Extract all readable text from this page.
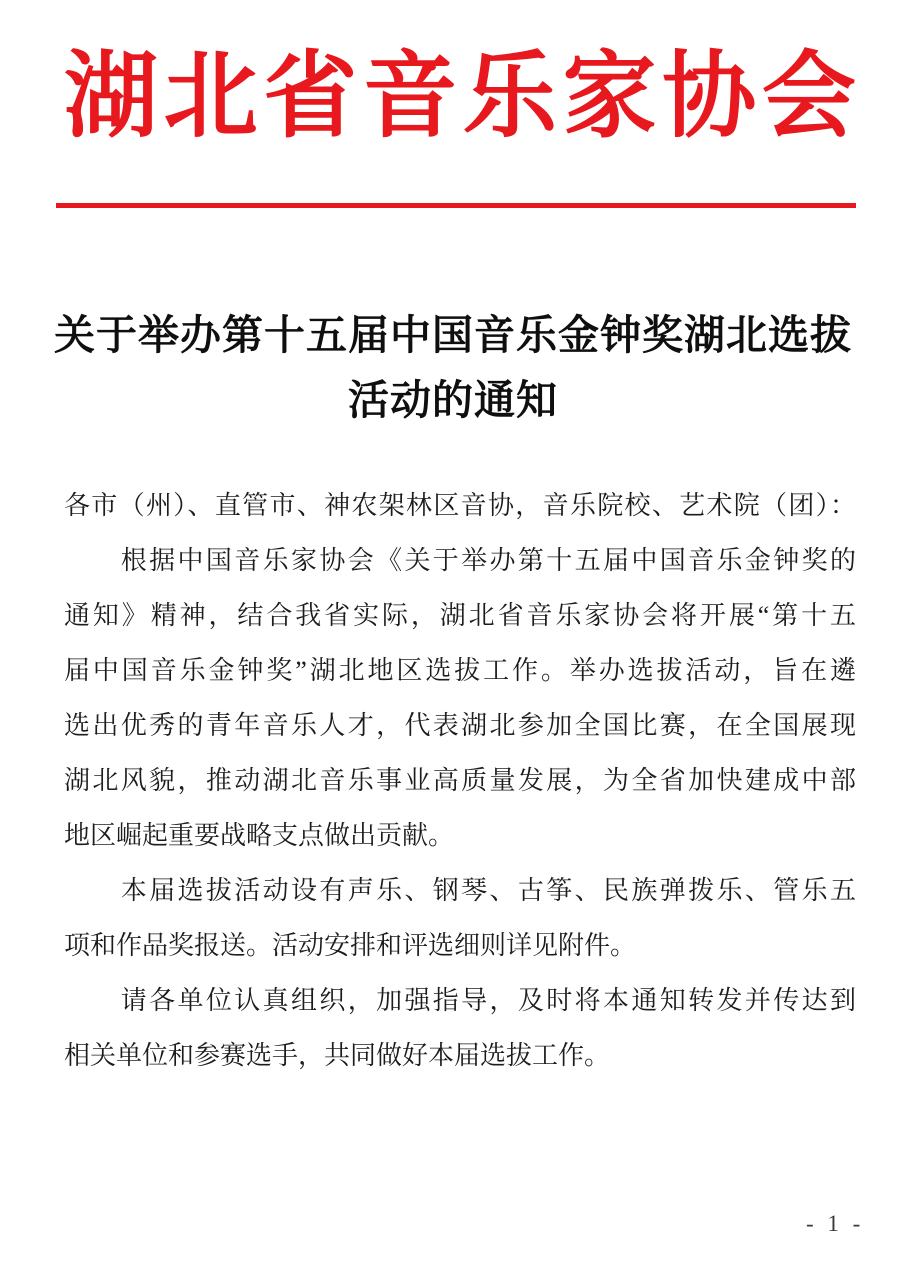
湖 北 省 音 乐 家 协 会
关于举办第十五届中国音乐金钟奖湖北选拔
活动的通知
各市（州）、直管市、神农架林区音协，音乐院校、艺术院（团）：
　　根据中国音乐家协会《关于举办第十五届中国音乐金钟奖的
通知》精神，结合我省实际，湖北省音乐家协会将开展“第十五
届中国音乐金钟奖”湖北地区选拔工作。举办选拔活动，旨在遴
选出优秀的青年音乐人才，代表湖北参加全国比赛，在全国展现
湖北风貌，推动湖北音乐事业高质量发展，为全省加快建成中部
地区崛起重要战略支点做出贡献。
　　本届选拔活动设有声乐、钢琴、古筝、民族弹拨乐、管乐五
项和作品奖报送。活动安排和评选细则详见附件。
　　请各单位认真组织，加强指导，及时将本通知转发并传达到
相关单位和参赛选手，共同做好本届选拔工作。
- 1 -
